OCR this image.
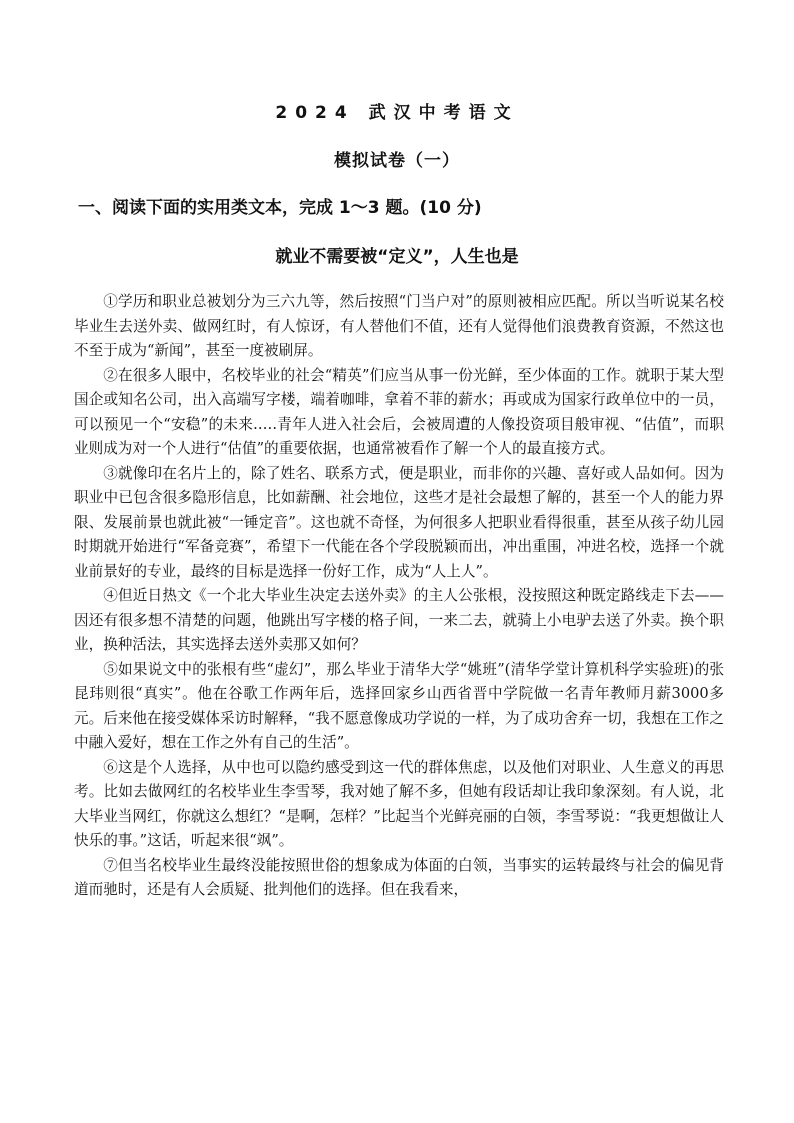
2024 武汉中考语文
模拟试卷（一）
一、阅读下面的实用类文本，完成 1～3 题。(10 分)
就业不需要被“定义”，人生也是

①学历和职业总被划分为三六九等，然后按照“门当户对”的原则被相应匹配。所以当听说某名校毕业生去送外卖、做网红时，有人惊讶，有人替他们不值，还有人觉得他们浪费教育资源，不然这也不至于成为“新闻”，甚至一度被刷屏。

②在很多人眼中，名校毕业的社会“精英”们应当从事一份光鲜，至少体面的工作。就职于某大型国企或知名公司，出入高端写字楼，端着咖啡，拿着不菲的薪水；再或成为国家行政单位中的一员，可以预见一个“安稳”的未来.….青年人进入社会后，会被周遭的人像投资项目般审视、“估值”，而职业则成为对一个人进行“估值”的重要依据，也通常被看作了解一个人的最直接方式。

③就像印在名片上的，除了姓名、联系方式，便是职业，而非你的兴趣、喜好或人品如何。因为职业中已包含很多隐形信息，比如薪酬、社会地位，这些才是社会最想了解的，甚至一个人的能力界限、发展前景也就此被“一锤定音”。这也就不奇怪，为何很多人把职业看得很重，甚至从孩子幼儿园时期就开始进行“军备竞赛”，希望下一代能在各个学段脱颖而出，冲出重围，冲进名校，选择一个就业前景好的专业，最终的目标是选择一份好工作，成为“人上人”。

④但近日热文《一个北大毕业生决定去送外卖》的主人公张根，没按照这种既定路线走下去——因还有很多想不清楚的问题，他跳出写字楼的格子间，一来二去，就骑上小电驴去送了外卖。换个职业，换种活法，其实选择去送外卖那又如何？

⑤如果说文中的张根有些“虚幻”，那么毕业于清华大学“姚班”(清华学堂计算机科学实验班)的张昆玮则很“真实”。他在谷歌工作两年后，选择回家乡山西省晋中学院做一名青年教师月薪3000多元。后来他在接受媒体采访时解释，“我不愿意像成功学说的一样，为了成功舍弃一切，我想在工作之中融入爱好，想在工作之外有自己的生活”。

⑥这是个人选择，从中也可以隐约感受到这一代的群体焦虑，以及他们对职业、人生意义的再思考。比如去做网红的名校毕业生李雪琴，我对她了解不多，但她有段话却让我印象深刻。有人说，北大毕业当网红，你就这么想红？“是啊，怎样？”比起当个光鲜亮丽的白领，李雪琴说：“我更想做让人快乐的事。”这话，听起来很“飒”。

⑦但当名校毕业生最终没能按照世俗的想象成为体面的白领，当事实的运转最终与社会的偏见背道而驰时，还是有人会质疑、批判他们的选择。但在我看来，
